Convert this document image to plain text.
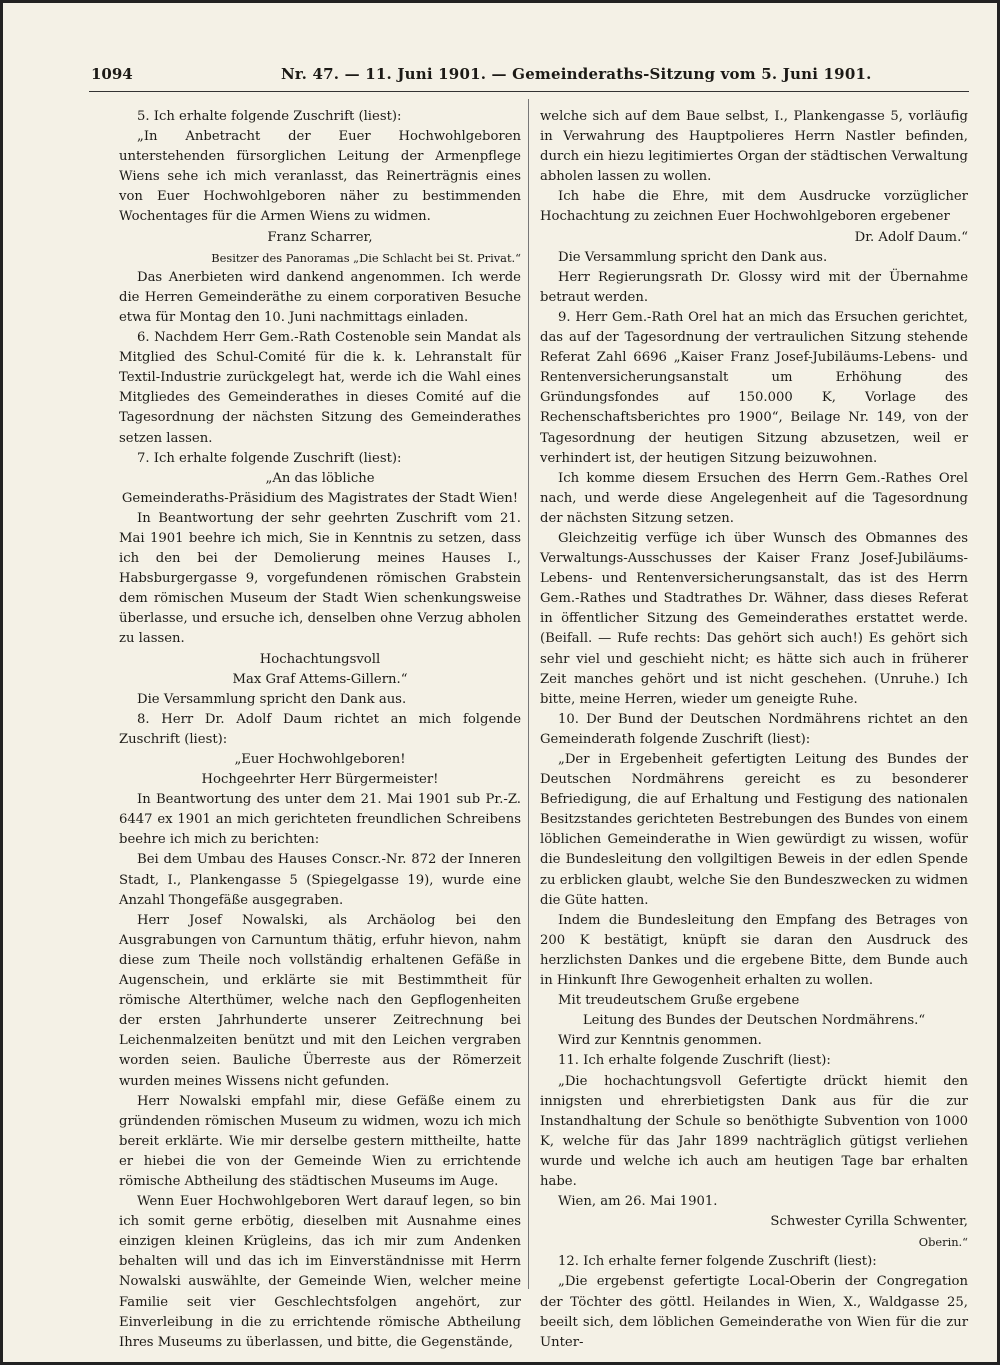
1094	Nr. 47. — 11. Juni 1901. — Gemeinderaths-Sitzung vom 5. Juni 1901.

5. Ich erhalte folgende Zuschrift (liest):

„In Anbetracht der Euer Hochwohlgeboren unterstehenden fürsorglichen Leitung der Armenpflege Wiens sehe ich mich veranlasst, das Reinerträgnis eines von Euer Hochwohlgeboren näher zu bestimmenden Wochentages für die Armen Wiens zu widmen.

Franz Scharrer,

Besitzer des Panoramas „Die Schlacht bei St. Privat.“

Das Anerbieten wird dankend angenommen. Ich werde die Herren Gemeinderäthe zu einem corporativen Besuche etwa für Montag den 10. Juni nachmittags einladen.

6. Nachdem Herr Gem.-Rath Costenoble sein Mandat als Mitglied des Schul-Comité für die k. k. Lehranstalt für Textil-Industrie zurückgelegt hat, werde ich die Wahl eines Mitgliedes des Gemeinderathes in dieses Comité auf die Tagesordnung der nächsten Sitzung des Gemeinderathes setzen lassen.

7. Ich erhalte folgende Zuschrift (liest):

„An das löbliche

Gemeinderaths-Präsidium des Magistrates der Stadt Wien!

In Beantwortung der sehr geehrten Zuschrift vom 21. Mai 1901 beehre ich mich, Sie in Kenntnis zu setzen, dass ich den bei der Demolierung meines Hauses I., Habsburgergasse 9, vorgefundenen römischen Grabstein dem römischen Museum der Stadt Wien schenkungsweise überlasse, und ersuche ich, denselben ohne Verzug abholen zu lassen.

Hochachtungsvoll

Max Graf Attems-Gillern.“

Die Versammlung spricht den Dank aus.

8. Herr Dr. Adolf Daum richtet an mich folgende Zuschrift (liest):

„Euer Hochwohlgeboren!

Hochgeehrter Herr Bürgermeister!

In Beantwortung des unter dem 21. Mai 1901 sub Pr.-Z. 6447 ex 1901 an mich gerichteten freundlichen Schreibens beehre ich mich zu berichten:

Bei dem Umbau des Hauses Conscr.-Nr. 872 der Inneren Stadt, I., Plankengasse 5 (Spiegelgasse 19), wurde eine Anzahl Thongefäße ausgegraben.

Herr Josef Nowalski, als Archäolog bei den Ausgrabungen von Carnuntum thätig, erfuhr hievon, nahm diese zum Theile noch vollständig erhaltenen Gefäße in Augenschein, und erklärte sie mit Bestimmtheit für römische Alterthümer, welche nach den Gepflogenheiten der ersten Jahrhunderte unserer Zeitrechnung bei Leichenmalzeiten benützt und mit den Leichen vergraben worden seien. Bauliche Überreste aus der Römerzeit wurden meines Wissens nicht gefunden.

Herr Nowalski empfahl mir, diese Gefäße einem zu gründenden römischen Museum zu widmen, wozu ich mich bereit erklärte. Wie mir derselbe gestern mittheilte, hatte er hiebei die von der Gemeinde Wien zu errichtende römische Abtheilung des städtischen Museums im Auge.

Wenn Euer Hochwohlgeboren Wert darauf legen, so bin ich somit gerne erbötig, dieselben mit Ausnahme eines einzigen kleinen Krügleins, das ich mir zum Andenken behalten will und das ich im Einverständnisse mit Herrn Nowalski auswählte, der Gemeinde Wien, welcher meine Familie seit vier Geschlechtsfolgen angehört, zur Einverleibung in die zu errichtende römische Abtheilung Ihres Museums zu überlassen, und bitte, die Gegenstände,

welche sich auf dem Baue selbst, I., Plankengasse 5, vorläufig in Verwahrung des Hauptpolieres Herrn Nastler befinden, durch ein hiezu legitimiertes Organ der städtischen Verwaltung abholen lassen zu wollen.

Ich habe die Ehre, mit dem Ausdrucke vorzüglicher Hochachtung zu zeichnen Euer Hochwohlgeboren ergebener

Dr. Adolf Daum.“

Die Versammlung spricht den Dank aus.

Herr Regierungsrath Dr. Glossy wird mit der Übernahme betraut werden.

9. Herr Gem.-Rath Orel hat an mich das Ersuchen gerichtet, das auf der Tagesordnung der vertraulichen Sitzung stehende Referat Zahl 6696 „Kaiser Franz Josef-Jubiläums-Lebens- und Rentenversicherungsanstalt um Erhöhung des Gründungsfondes auf 150.000 K, Vorlage des Rechenschaftsberichtes pro 1900“, Beilage Nr. 149, von der Tagesordnung der heutigen Sitzung abzusetzen, weil er verhindert ist, der heutigen Sitzung beizuwohnen.

Ich komme diesem Ersuchen des Herrn Gem.-Rathes Orel nach, und werde diese Angelegenheit auf die Tagesordnung der nächsten Sitzung setzen.

Gleichzeitig verfüge ich über Wunsch des Obmannes des Verwaltungs-Ausschusses der Kaiser Franz Josef-Jubiläums-Lebens- und Rentenversicherungsanstalt, das ist des Herrn Gem.-Rathes und Stadtrathes Dr. Wähner, dass dieses Referat in öffentlicher Sitzung des Gemeinderathes erstattet werde. (Beifall. — Rufe rechts: Das gehört sich auch!) Es gehört sich sehr viel und geschieht nicht; es hätte sich auch in früherer Zeit manches gehört und ist nicht geschehen. (Unruhe.) Ich bitte, meine Herren, wieder um geneigte Ruhe.

10. Der Bund der Deutschen Nordmährens richtet an den Gemeinderath folgende Zuschrift (liest):

„Der in Ergebenheit gefertigten Leitung des Bundes der Deutschen Nordmährens gereicht es zu besonderer Befriedigung, die auf Erhaltung und Festigung des nationalen Besitzstandes gerichteten Bestrebungen des Bundes von einem löblichen Gemeinderathe in Wien gewürdigt zu wissen, wofür die Bundesleitung den vollgiltigen Beweis in der edlen Spende zu erblicken glaubt, welche Sie den Bundeszwecken zu widmen die Güte hatten.

Indem die Bundesleitung den Empfang des Betrages von 200 K bestätigt, knüpft sie daran den Ausdruck des herzlichsten Dankes und die ergebene Bitte, dem Bunde auch in Hinkunft Ihre Gewogenheit erhalten zu wollen.

Mit treudeutschem Gruße ergebene

Leitung des Bundes der Deutschen Nordmährens.“

Wird zur Kenntnis genommen.

11. Ich erhalte folgende Zuschrift (liest):

„Die hochachtungsvoll Gefertigte drückt hiemit den innigsten und ehrerbietigsten Dank aus für die zur Instandhaltung der Schule so benöthigte Subvention von 1000 K, welche für das Jahr 1899 nachträglich gütigst verliehen wurde und welche ich auch am heutigen Tage bar erhalten habe.

Wien, am 26. Mai 1901.

Schwester Cyrilla Schwenter,

Oberin.“

12. Ich erhalte ferner folgende Zuschrift (liest):

„Die ergebenst gefertigte Local-Oberin der Congregation der Töchter des göttl. Heilandes in Wien, X., Waldgasse 25, beeilt sich, dem löblichen Gemeinderathe von Wien für die zur Unter-
